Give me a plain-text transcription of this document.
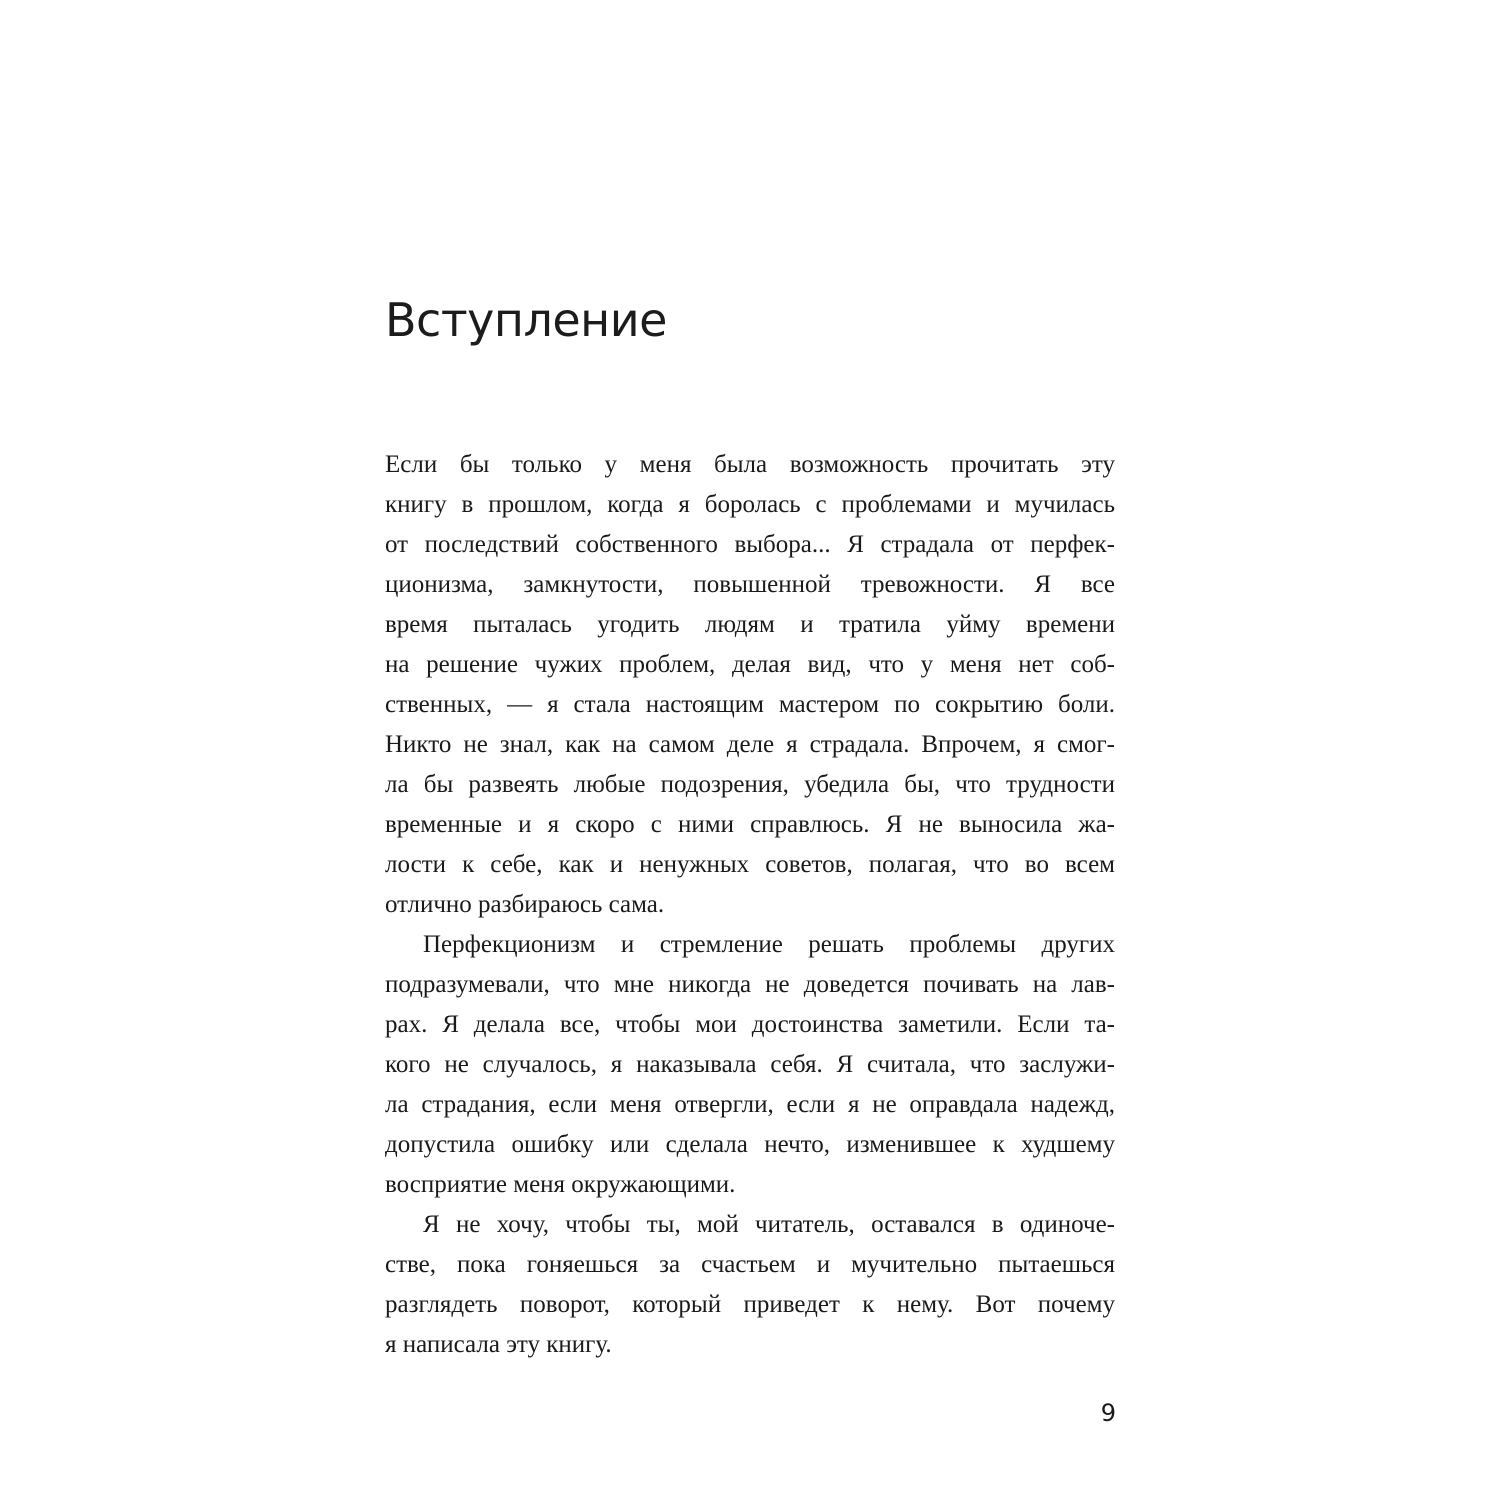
Вступление
Если бы только у меня была возможность прочитать эту
книгу в прошлом, когда я боролась с проблемами и мучилась
от последствий собственного выбора... Я страдала от перфек-
ционизма, замкнутости, повышенной тревожности. Я все
время пыталась угодить людям и тратила уйму времени
на решение чужих проблем, делая вид, что у меня нет соб-
ственных, — я стала настоящим мастером по сокрытию боли.
Никто не знал, как на самом деле я страдала. Впрочем, я смог-
ла бы развеять любые подозрения, убедила бы, что трудности
временные и я скоро с ними справлюсь. Я не выносила жа-
лости к себе, как и ненужных советов, полагая, что во всем
отлично разбираюсь сама.
Перфекционизм и стремление решать проблемы других
подразумевали, что мне никогда не доведется почивать на лав-
рах. Я делала все, чтобы мои достоинства заметили. Если та-
кого не случалось, я наказывала себя. Я считала, что заслужи-
ла страдания, если меня отвергли, если я не оправдала надежд,
допустила ошибку или сделала нечто, изменившее к худшему
восприятие меня окружающими.
Я не хочу, чтобы ты, мой читатель, оставался в одиноче-
стве, пока гоняешься за счастьем и мучительно пытаешься
разглядеть поворот, который приведет к нему. Вот почему
я написала эту книгу.
9
